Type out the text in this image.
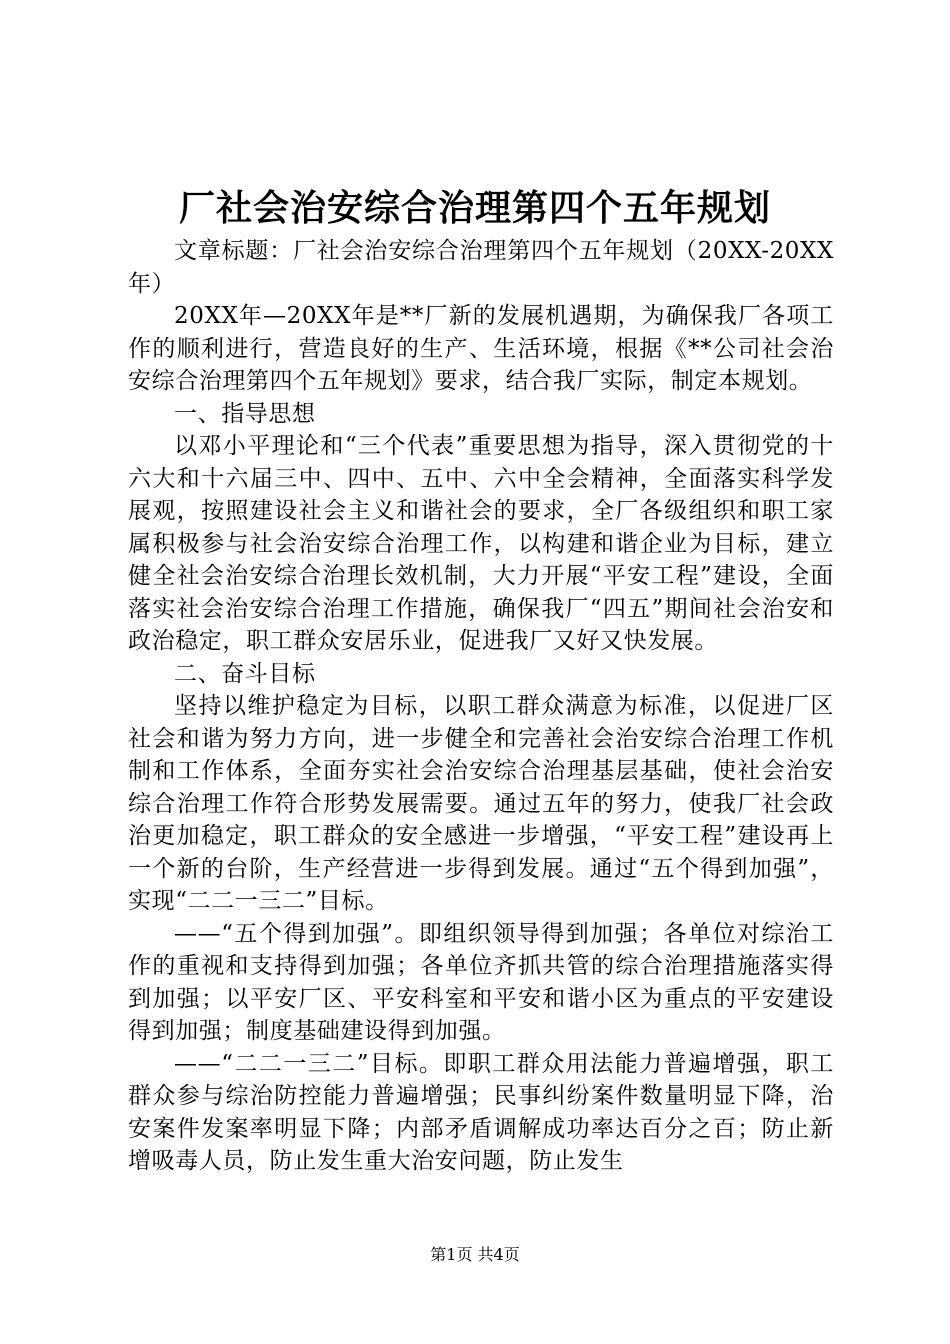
厂社会治安综合治理第四个五年规划

文章标题：厂社会治安综合治理第四个五年规划（20XX-20XX年）

20XX年—20XX年是**厂新的发展机遇期，为确保我厂各项工作的顺利进行，营造良好的生产、生活环境，根据《**公司社会治安综合治理第四个五年规划》要求，结合我厂实际，制定本规划。

一、指导思想

以邓小平理论和“三个代表”重要思想为指导，深入贯彻党的十六大和十六届三中、四中、五中、六中全会精神，全面落实科学发展观，按照建设社会主义和谐社会的要求，全厂各级组织和职工家属积极参与社会治安综合治理工作，以构建和谐企业为目标，建立健全社会治安综合治理长效机制，大力开展“平安工程”建设，全面落实社会治安综合治理工作措施，确保我厂“四五”期间社会治安和政治稳定，职工群众安居乐业，促进我厂又好又快发展。

二、奋斗目标

坚持以维护稳定为目标，以职工群众满意为标准，以促进厂区社会和谐为努力方向，进一步健全和完善社会治安综合治理工作机制和工作体系，全面夯实社会治安综合治理基层基础，使社会治安综合治理工作符合形势发展需要。通过五年的努力，使我厂社会政治更加稳定，职工群众的安全感进一步增强，“平安工程”建设再上一个新的台阶，生产经营进一步得到发展。通过“五个得到加强”，实现“二二一三二”目标。

——“五个得到加强”。即组织领导得到加强；各单位对综治工作的重视和支持得到加强；各单位齐抓共管的综合治理措施落实得到加强；以平安厂区、平安科室和平安和谐小区为重点的平安建设得到加强；制度基础建设得到加强。

——“二二一三二”目标。即职工群众用法能力普遍增强，职工群众参与综治防控能力普遍增强；民事纠纷案件数量明显下降，治安案件发案率明显下降；内部矛盾调解成功率达百分之百；防止新增吸毒人员，防止发生重大治安问题，防止发生

第1页 共4页
